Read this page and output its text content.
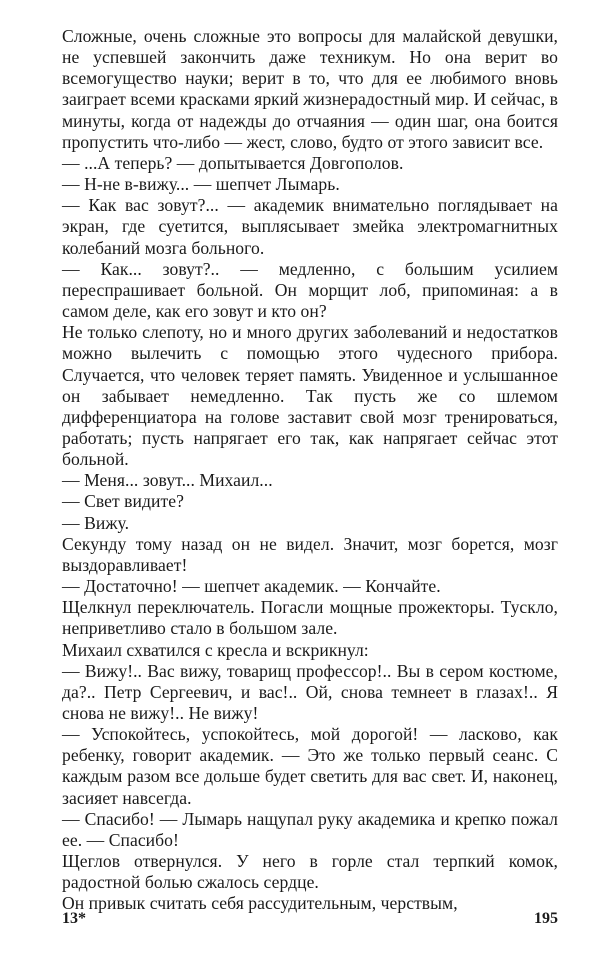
Сложные, очень сложные это вопросы для малайской девушки, не успевшей закончить даже техникум. Но она верит во всемогущество науки; верит в то, что для ее любимого вновь заиграет всеми красками яркий жизнерадостный мир. И сейчас, в минуты, когда от надежды до отчаяния — один шаг, она боится пропустить что-либо — жест, слово, будто от этого зависит все.

— ...А теперь? — допытывается Довгополов.

— Н-не в-вижу... — шепчет Лымарь.

— Как вас зовут?... — академик внимательно поглядывает на экран, где суетится, выплясывает змейка электромагнитных колебаний мозга больного.

— Как... зовут?.. — медленно, с большим усилием переспрашивает больной. Он морщит лоб, припоминая: а в самом деле, как его зовут и кто он?

Не только слепоту, но и много других заболеваний и недостатков можно вылечить с помощью этого чудесного прибора. Случается, что человек теряет память. Увиденное и услышанное он забывает немедленно. Так пусть же со шлемом дифференциатора на голове заставит свой мозг тренироваться, работать; пусть напрягает его так, как напрягает сейчас этот больной.

— Меня... зовут... Михаил...

— Свет видите?

— Вижу.

Секунду тому назад он не видел. Значит, мозг борется, мозг выздоравливает!

— Достаточно! — шепчет академик. — Кончайте.

Щелкнул переключатель. Погасли мощные прожекторы. Тускло, неприветливо стало в большом зале.

Михаил схватился с кресла и вскрикнул:

— Вижу!.. Вас вижу, товарищ профессор!.. Вы в сером костюме, да?.. Петр Сергеевич, и вас!.. Ой, снова темнеет в глазах!.. Я снова не вижу!.. Не вижу!

— Успокойтесь, успокойтесь, мой дорогой! — ласково, как ребенку, говорит академик. — Это же только первый сеанс. С каждым разом все дольше будет светить для вас свет. И, наконец, засияет навсегда.

— Спасибо! — Лымарь нащупал руку академика и крепко пожал ее. — Спасибо!

Щеглов отвернулся. У него в горле стал терпкий комок, радостной болью сжалось сердце.

Он привык считать себя рассудительным, черствым,

13*	195
